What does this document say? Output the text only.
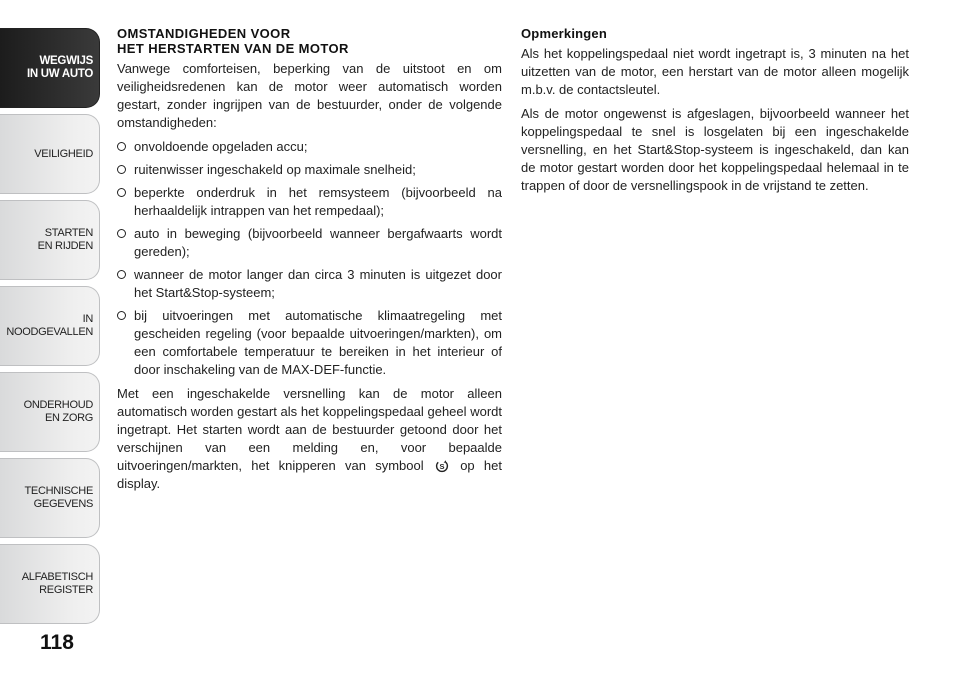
WEGWIJS
IN UW AUTO
VEILIGHEID
STARTEN
EN RIJDEN
IN NOODGEVALLEN
ONDERHOUD
EN ZORG
TECHNISCHE
GEGEVENS
ALFABETISCH
REGISTER
118
OMSTANDIGHEDEN VOOR
HET HERSTARTEN VAN DE MOTOR

Vanwege comforteisen, beperking van de uitstoot en om veiligheidsredenen kan de motor weer automatisch worden gestart, zonder ingrijpen van de bestuurder, onder de volgende omstandigheden:

onvoldoende opgeladen accu;
ruitenwisser ingeschakeld op maximale snelheid;
beperkte onderdruk in het remsysteem (bijvoorbeeld na herhaaldelijk intrappen van het rempedaal);
auto in beweging (bijvoorbeeld wanneer bergafwaarts wordt gereden);
wanneer de motor langer dan circa 3 minuten is uitgezet door het Start&Stop-systeem;
bij uitvoeringen met automatische klimaatregeling met gescheiden regeling (voor bepaalde uitvoeringen/markten), om een comfortabele temperatuur te bereiken in het interieur of door inschakeling van de MAX-DEF-functie.

Met een ingeschakelde versnelling kan de motor alleen automatisch worden gestart als het koppelingspedaal geheel wordt ingetrapt. Het starten wordt aan de bestuurder getoond door het verschijnen van een melding en, voor bepaalde uitvoeringen/markten, het knipperen van symbool S op het display.

Opmerkingen

Als het koppelingspedaal niet wordt ingetrapt is, 3 minuten na het uitzetten van de motor, een herstart van de motor alleen mogelijk m.b.v. de contactsleutel.

Als de motor ongewenst is afgeslagen, bijvoorbeeld wanneer het koppelingspedaal te snel is losgelaten bij een ingeschakelde versnelling, en het Start&Stop-systeem is ingeschakeld, dan kan de motor gestart worden door het koppelingspedaal helemaal in te trappen of door de versnellingspook in de vrijstand te zetten.
